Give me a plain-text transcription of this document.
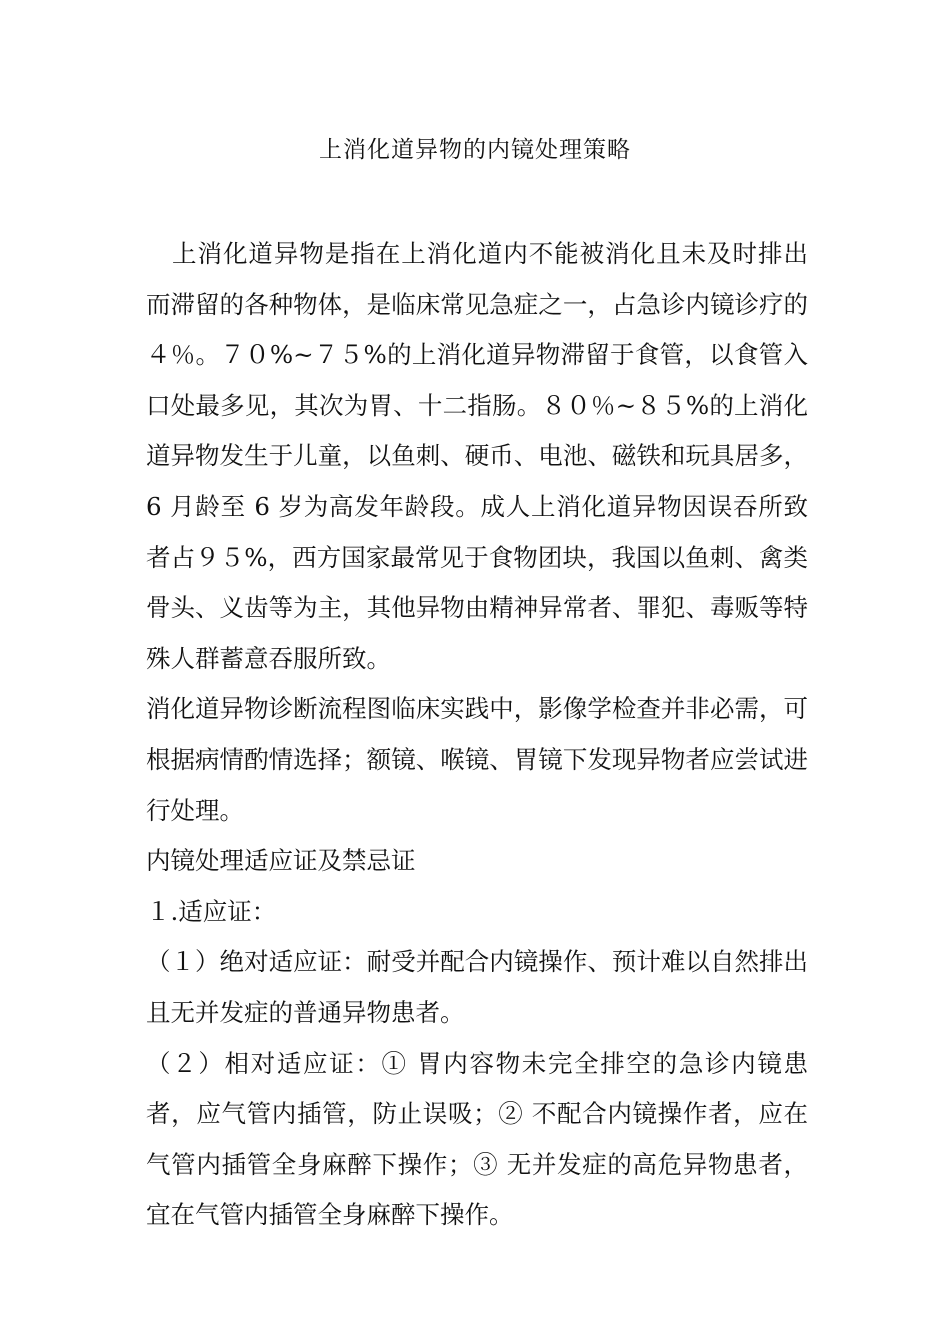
上消化道异物的内镜处理策略

上消化道异物是指在上消化道内不能被消化且未及时排出而滞留的各种物体，是临床常见急症之一，占急诊内镜诊疗的４％。７０%~７５%的上消化道异物滞留于食管，以食管入口处最多见，其次为胃、十二指肠。８０％~８５%的上消化道异物发生于儿童，以鱼刺、硬币、电池、磁铁和玩具居多，6 月龄至 6 岁为高发年龄段。成人上消化道异物因误吞所致者占９５%，西方国家最常见于食物团块，我国以鱼刺、禽类骨头、义齿等为主，其他异物由精神异常者、罪犯、毒贩等特殊人群蓄意吞服所致。

消化道异物诊断流程图临床实践中，影像学检查并非必需，可根据病情酌情选择；额镜、喉镜、胃镜下发现异物者应尝试进行处理。

内镜处理适应证及禁忌证

１.适应证：

（１）绝对适应证：耐受并配合内镜操作、预计难以自然排出且无并发症的普通异物患者。

（２）相对适应证：① 胃内容物未完全排空的急诊内镜患者，应气管内插管，防止误吸；② 不配合内镜操作者，应在气管内插管全身麻醉下操作；③ 无并发症的高危异物患者，宜在气管内插管全身麻醉下操作。
